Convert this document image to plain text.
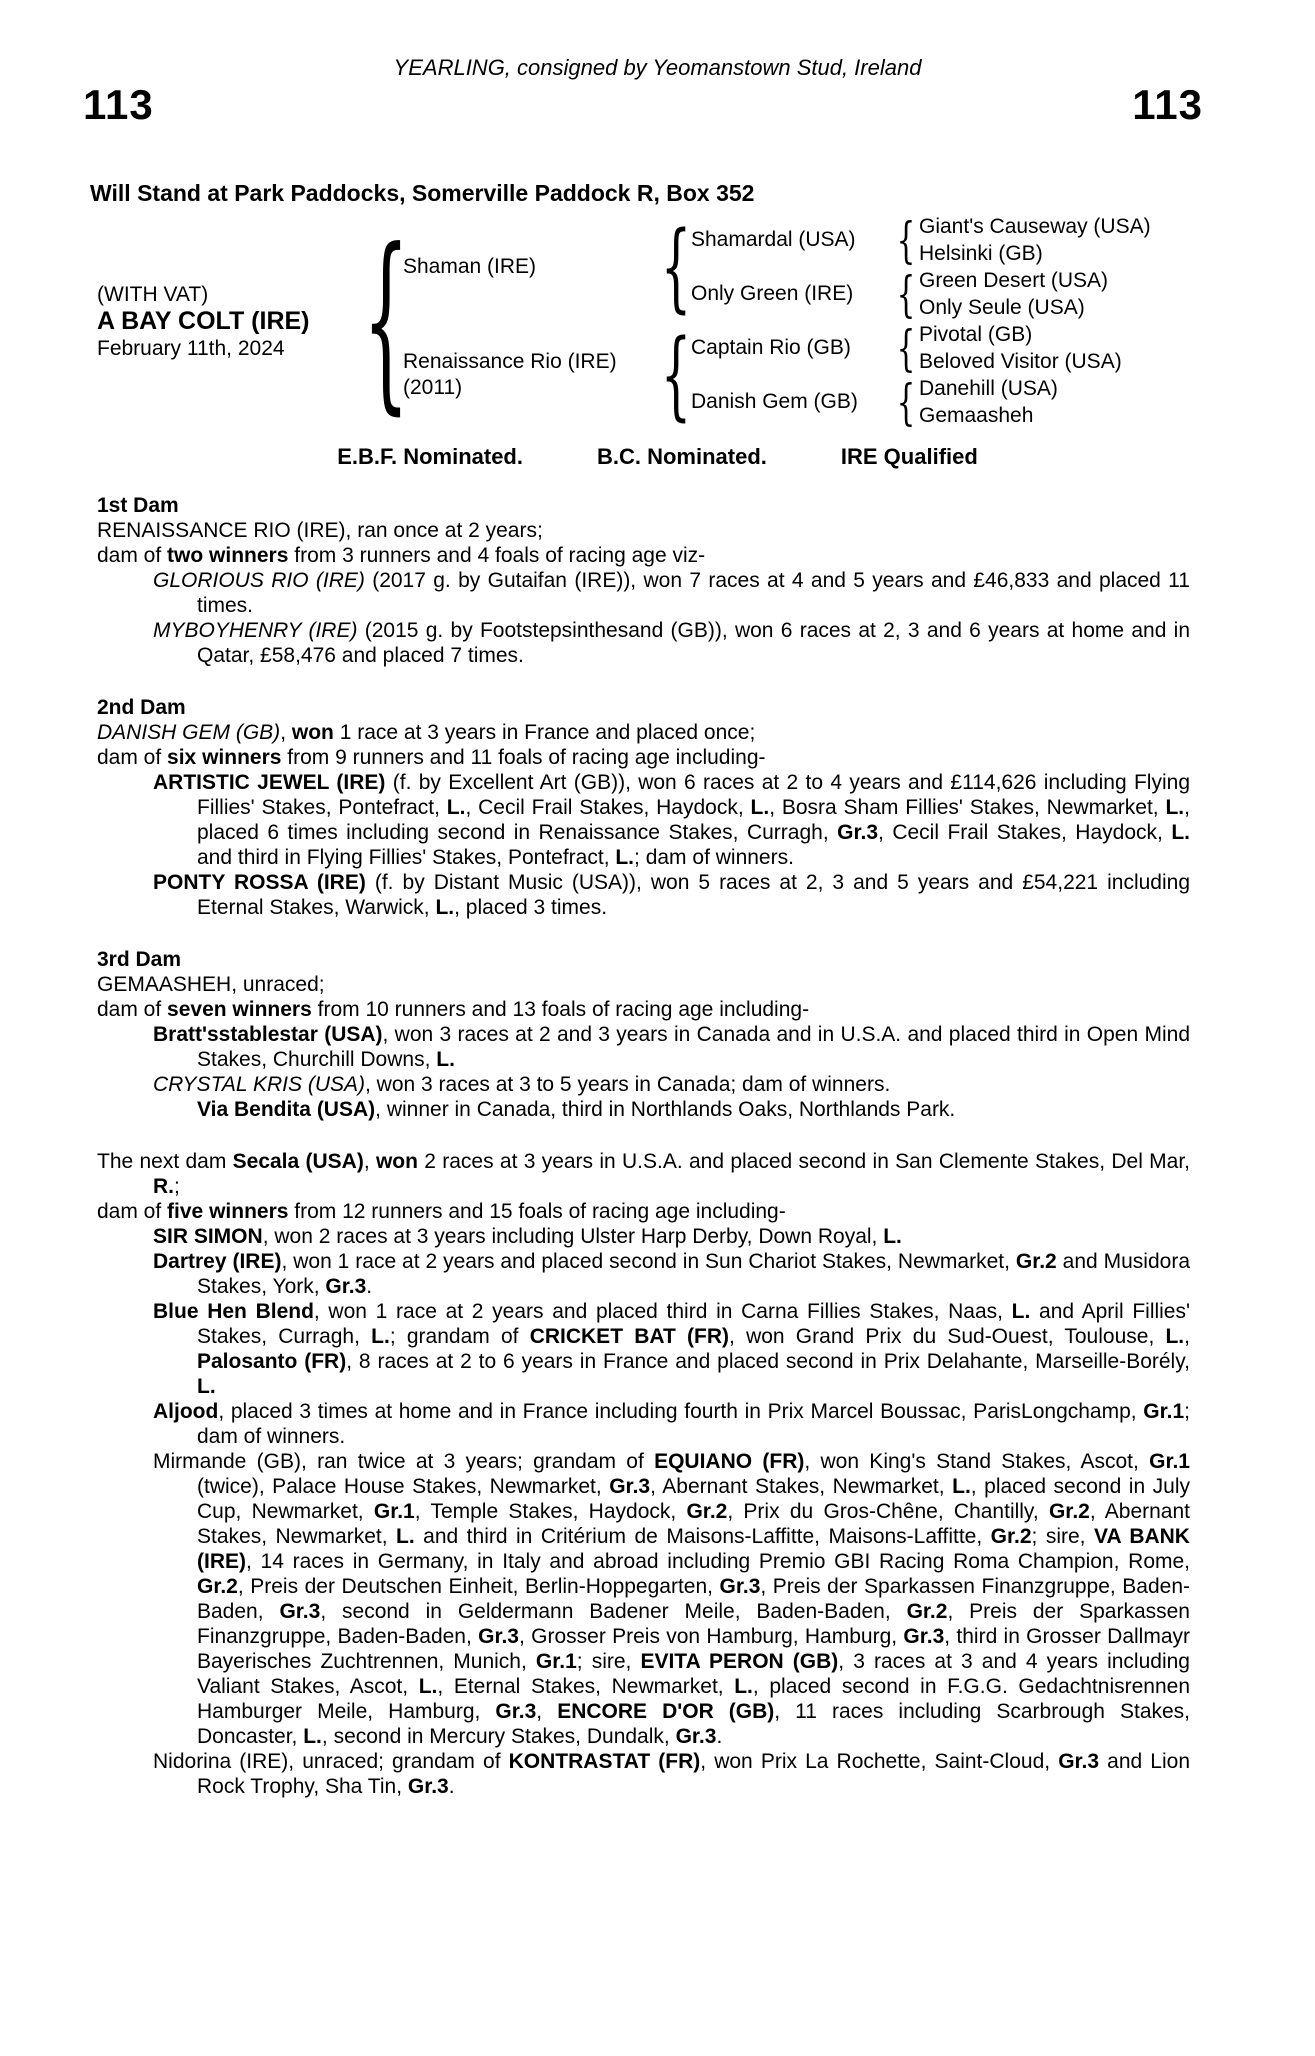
YEARLING, consigned by Yeomanstown Stud, Ireland
113	113
Will Stand at Park Paddocks, Somerville Paddock R, Box 352
(WITH VAT)
A BAY COLT (IRE)
February 11th, 2024 {
Shaman (IRE)	{ Shamardal (USA) { Giant's Causeway (USA)
Helsinki (GB)
Only Green (IRE) { Green Desert (USA)
Only Seule (USA)
Renaissance Rio (IRE)
(2011)	{ Captain Rio (GB) { Pivotal (GB)
Beloved Visitor (USA)
Danish Gem (GB) { Danehill (USA)
Gemaasheh
E.B.F. Nominated.	B.C. Nominated.	IRE Qualified
1st Dam
RENAISSANCE RIO (IRE), ran once at 2 years;
dam of two winners from 3 runners and 4 foals of racing age viz-
GLORIOUS RIO (IRE) (2017 g. by Gutaifan (IRE)), won 7 races at 4 and 5 years and £46,833 and placed 11 times.
MYBOYHENRY (IRE) (2015 g. by Footstepsinthesand (GB)), won 6 races at 2, 3 and 6 years at home and in Qatar, £58,476 and placed 7 times.
2nd Dam
DANISH GEM (GB), won 1 race at 3 years in France and placed once;
dam of six winners from 9 runners and 11 foals of racing age including-
ARTISTIC JEWEL (IRE) (f. by Excellent Art (GB)), won 6 races at 2 to 4 years and £114,626 including Flying Fillies' Stakes, Pontefract, L., Cecil Frail Stakes, Haydock, L., Bosra Sham Fillies' Stakes, Newmarket, L., placed 6 times including second in Renaissance Stakes, Curragh, Gr.3, Cecil Frail Stakes, Haydock, L. and third in Flying Fillies' Stakes, Pontefract, L.; dam of winners.
PONTY ROSSA (IRE) (f. by Distant Music (USA)), won 5 races at 2, 3 and 5 years and £54,221 including Eternal Stakes, Warwick, L., placed 3 times.
3rd Dam
GEMAASHEH, unraced;
dam of seven winners from 10 runners and 13 foals of racing age including-
Bratt'sstablestar (USA), won 3 races at 2 and 3 years in Canada and in U.S.A. and placed third in Open Mind Stakes, Churchill Downs, L.
CRYSTAL KRIS (USA), won 3 races at 3 to 5 years in Canada; dam of winners.
Via Bendita (USA), winner in Canada, third in Northlands Oaks, Northlands Park.
The next dam Secala (USA), won 2 races at 3 years in U.S.A. and placed second in San Clemente Stakes, Del Mar, R.;
dam of five winners from 12 runners and 15 foals of racing age including-
SIR SIMON, won 2 races at 3 years including Ulster Harp Derby, Down Royal, L.
Dartrey (IRE), won 1 race at 2 years and placed second in Sun Chariot Stakes, Newmarket, Gr.2 and Musidora Stakes, York, Gr.3.
Blue Hen Blend, won 1 race at 2 years and placed third in Carna Fillies Stakes, Naas, L. and April Fillies' Stakes, Curragh, L.; grandam of CRICKET BAT (FR), won Grand Prix du Sud-Ouest, Toulouse, L., Palosanto (FR), 8 races at 2 to 6 years in France and placed second in Prix Delahante, Marseille-Borély, L.
Aljood, placed 3 times at home and in France including fourth in Prix Marcel Boussac, ParisLongchamp, Gr.1; dam of winners.
Mirmande (GB), ran twice at 3 years; grandam of EQUIANO (FR), won King's Stand Stakes, Ascot, Gr.1 (twice), Palace House Stakes, Newmarket, Gr.3, Abernant Stakes, Newmarket, L., placed second in July Cup, Newmarket, Gr.1, Temple Stakes, Haydock, Gr.2, Prix du Gros-Chêne, Chantilly, Gr.2, Abernant Stakes, Newmarket, L. and third in Critérium de Maisons-Laffitte, Maisons-Laffitte, Gr.2; sire, VA BANK (IRE), 14 races in Germany, in Italy and abroad including Premio GBI Racing Roma Champion, Rome, Gr.2, Preis der Deutschen Einheit, Berlin-Hoppegarten, Gr.3, Preis der Sparkassen Finanzgruppe, Baden-Baden, Gr.3, second in Geldermann Badener Meile, Baden-Baden, Gr.2, Preis der Sparkassen Finanzgruppe, Baden-Baden, Gr.3, Grosser Preis von Hamburg, Hamburg, Gr.3, third in Grosser Dallmayr Bayerisches Zuchtrennen, Munich, Gr.1; sire, EVITA PERON (GB), 3 races at 3 and 4 years including Valiant Stakes, Ascot, L., Eternal Stakes, Newmarket, L., placed second in F.G.G. Gedachtnisrennen Hamburger Meile, Hamburg, Gr.3, ENCORE D'OR (GB), 11 races including Scarbrough Stakes, Doncaster, L., second in Mercury Stakes, Dundalk, Gr.3.
Nidorina (IRE), unraced; grandam of KONTRASTAT (FR), won Prix La Rochette, Saint-Cloud, Gr.3 and Lion Rock Trophy, Sha Tin, Gr.3.
